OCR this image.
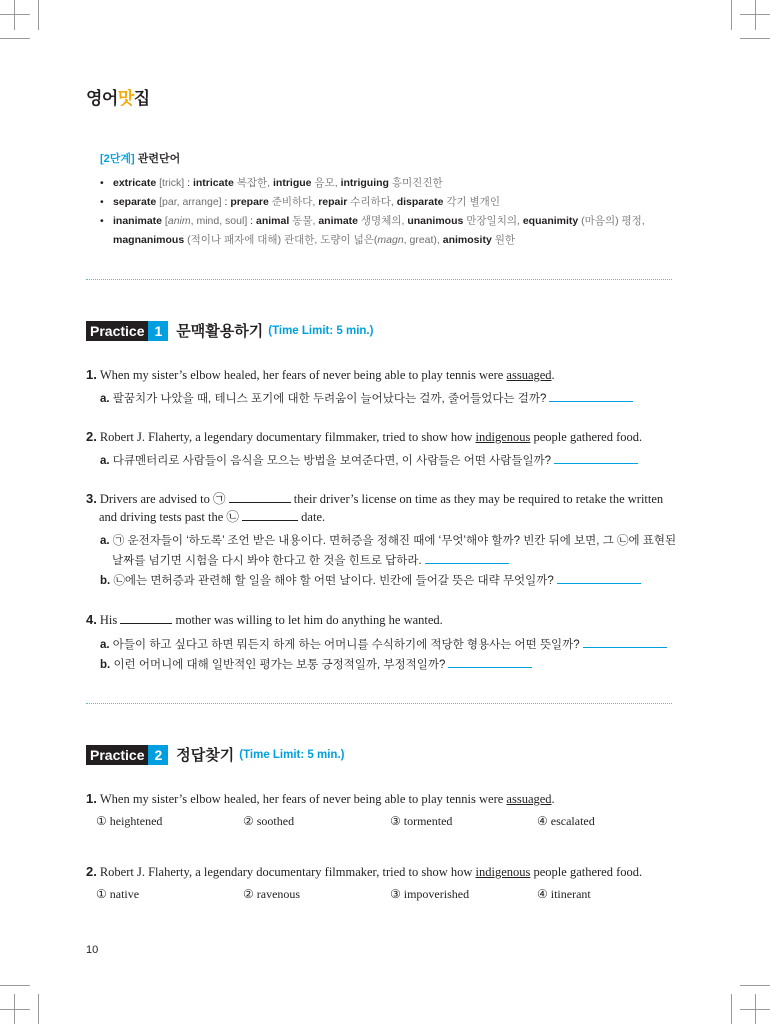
영어맛집
[2단계] 관련단어
• extricate [trick] : intricate 복잡한, intrigue 음모, intriguing 흥미진진한
• separate [par, arrange] : prepare 준비하다, repair 수리하다, disparate 각기 별개인
• inanimate [anim, mind, soul] : animal 동물, animate 생명체의, unanimous 만장일치의, equanimity (마음의) 평정,
magnanimous (적이나 패자에 대해) 관대한, 도량이 넓은(magn, great), animosity 원한
Practice 1 문맥활용하기 (Time Limit: 5 min.)
1. When my sister’s elbow healed, her fears of never being able to play tennis were assuaged.
a. 팔꿈치가 나았을 때, 테니스 포기에 대한 두려움이 늘어났다는 걸까, 줄어들었다는 걸까?
2. Robert J. Flaherty, a legendary documentary filmmaker, tried to show how indigenous people gathered food.
a. 다큐멘터리로 사람들이 음식을 모으는 방법을 보여준다면, 이 사람들은 어떤 사람들일까?
3. Drivers are advised to ㉠	their driver’s license on time as they may be required to retake the written
and driving tests past the ㉡	date.
a. ㉠ 운전자들이 ‘하도록’ 조언 받은 내용이다. 면허증을 정해진 때에 ‘무엇’해야 할까? 빈칸 뒤에 보면, 그 ㉡에 표현된
날짜를 넘기면 시험을 다시 봐야 한다고 한 것을 힌트로 답하라.
b. ㉡에는 면허증과 관련해 할 일을 해야 할 어떤 날이다. 빈칸에 들어갈 뜻은 대략 무엇일까?
4. His	mother was willing to let him do anything he wanted.
a. 아들이 하고 싶다고 하면 뭐든지 하게 하는 어머니를 수식하기에 적당한 형용사는 어떤 뜻일까?
b. 이런 어머니에 대해 일반적인 평가는 보통 긍정적일까, 부정적일까?
Practice 2 정답찾기 (Time Limit: 5 min.)
1. When my sister’s elbow healed, her fears of never being able to play tennis were assuaged.
① heightened	② soothed	③ tormented	④ escalated
2. Robert J. Flaherty, a legendary documentary filmmaker, tried to show how indigenous people gathered food.
① native	② ravenous	③ impoverished	④ itinerant
10
